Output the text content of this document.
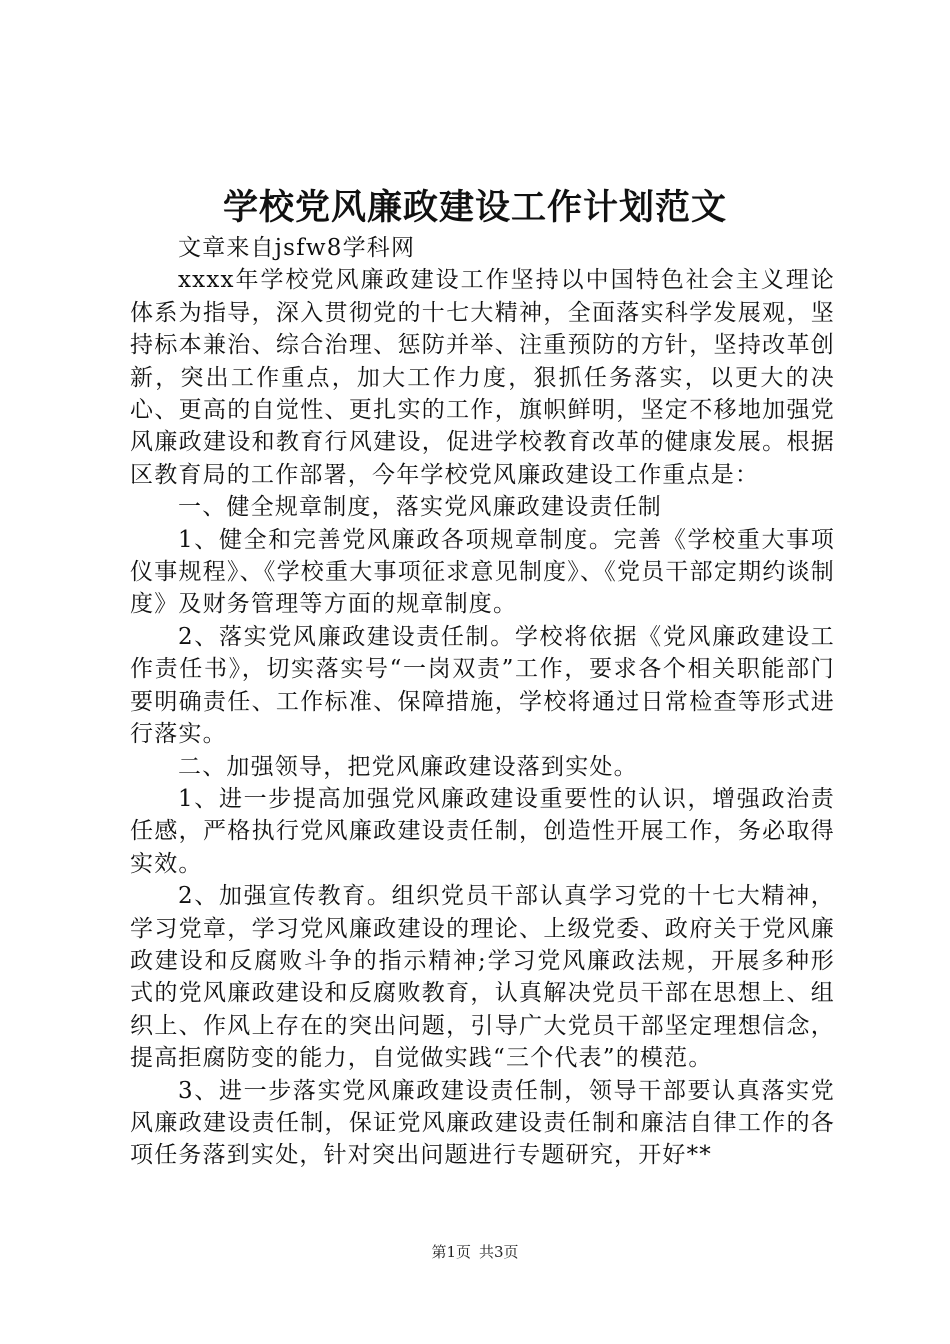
学校党风廉政建设工作计划范文

文章来自jsfw8学科网

xxxx年学校党风廉政建设工作坚持以中国特色社会主义理论体系为指导，深入贯彻党的十七大精神，全面落实科学发展观，坚持标本兼治、综合治理、惩防并举、注重预防的方针，坚持改革创新，突出工作重点，加大工作力度，狠抓任务落实，以更大的决心、更高的自觉性、更扎实的工作，旗帜鲜明，坚定不移地加强党风廉政建设和教育行风建设，促进学校教育改革的健康发展。根据区教育局的工作部署，今年学校党风廉政建设工作重点是：

一、健全规章制度，落实党风廉政建设责任制

1、健全和完善党风廉政各项规章制度。完善《学校重大事项仪事规程》、《学校重大事项征求意见制度》、《党员干部定期约谈制度》及财务管理等方面的规章制度。

2、落实党风廉政建设责任制。学校将依据《党风廉政建设工作责任书》，切实落实号“一岗双责”工作，要求各个相关职能部门要明确责任、工作标准、保障措施，学校将通过日常检查等形式进行落实。

二、加强领导，把党风廉政建设落到实处。

1、进一步提高加强党风廉政建设重要性的认识，增强政治责任感，严格执行党风廉政建设责任制，创造性开展工作，务必取得实效。

2、加强宣传教育。组织党员干部认真学习党的十七大精神，学习党章，学习党风廉政建设的理论、上级党委、政府关于党风廉政建设和反腐败斗争的指示精神;学习党风廉政法规，开展多种形式的党风廉政建设和反腐败教育，认真解决党员干部在思想上、组织上、作风上存在的突出问题，引导广大党员干部坚定理想信念，提高拒腐防变的能力，自觉做实践“三个代表”的模范。

3、进一步落实党风廉政建设责任制，领导干部要认真落实党风廉政建设责任制，保证党风廉政建设责任制和廉洁自律工作的各项任务落到实处，针对突出问题进行专题研究，开好**

第1页 共3页
